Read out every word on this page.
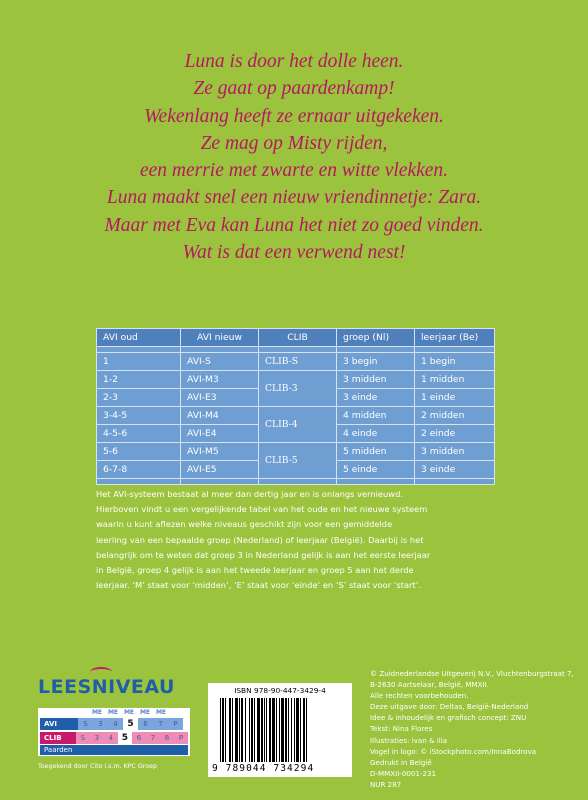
Luna is door het dolle heen.
Ze gaat op paardenkamp!
Wekenlang heeft ze ernaar uitgekeken.
Ze mag op Misty rijden,
een merrie met zwarte en witte vlekken.
Luna maakt snel een nieuw vriendinnetje: Zara.
Maar met Eva kan Luna het niet zo goed vinden.
Wat is dat een verwend nest!
AVI oud	AVI nieuw	CLIB	groep (Nl)	leerjaar (Be)

1	AVI-S	CLIB-S	3 begin	1 begin
1-2	AVI-M3	CLIB-3	3 midden	1 midden
2-3	AVI-E3		3 einde	1 einde
3-4-5	AVI-M4	CLIB-4	4 midden	2 midden
4-5-6	AVI-E4		4 einde	2 einde
5-6	AVI-M5	CLIB-5	5 midden	3 midden
6-7-8	AVI-E5		5 einde	3 einde

Het AVI-systeem bestaat al meer dan dertig jaar en is onlangs vernieuwd.
Hierboven vindt u een vergelijkende tabel van het oude en het nieuwe systeem
waarin u kunt aflezen welke niveaus geschikt zijn voor een gemiddelde
leerling van een bepaalde groep (Nederland) of leerjaar (België). Daarbij is het
belangrijk om te weten dat groep 3 in Nederland gelijk is aan het eerste leerjaar
in België, groep 4 gelijk is aan het tweede leerjaar en groep 5 aan het derde
leerjaar. ‘M’ staat voor ‘midden’, ‘E’ staat voor ‘einde’ en ‘S’ staat voor ‘start’.
LEESNIVEAU
ME ME ME ME ME
AVI	S	3	4	5	6	7	P
CLIB	S	3	4 5	6	7	8	P
Paarden
Toegekend door Cito i.s.m. KPC Groep
ISBN 978-90-447-3429-4
9 789044 734294
© Zuidnederlandse Uitgeverij N.V., Vluchtenburgstraat 7,
B-2630 Aartselaar, België, MMXII.
Alle rechten voorbehouden.
Deze uitgave door: Deltas, België-Nederland
Idee & inhoudelijk en grafisch concept: ZNU
Tekst: Nina Flores
Illustraties: ivan & ilia
Vogel in logo: © iStockphoto.com/InnaBodrova
Gedrukt in België
D-MMXII-0001-231
NUR 287
